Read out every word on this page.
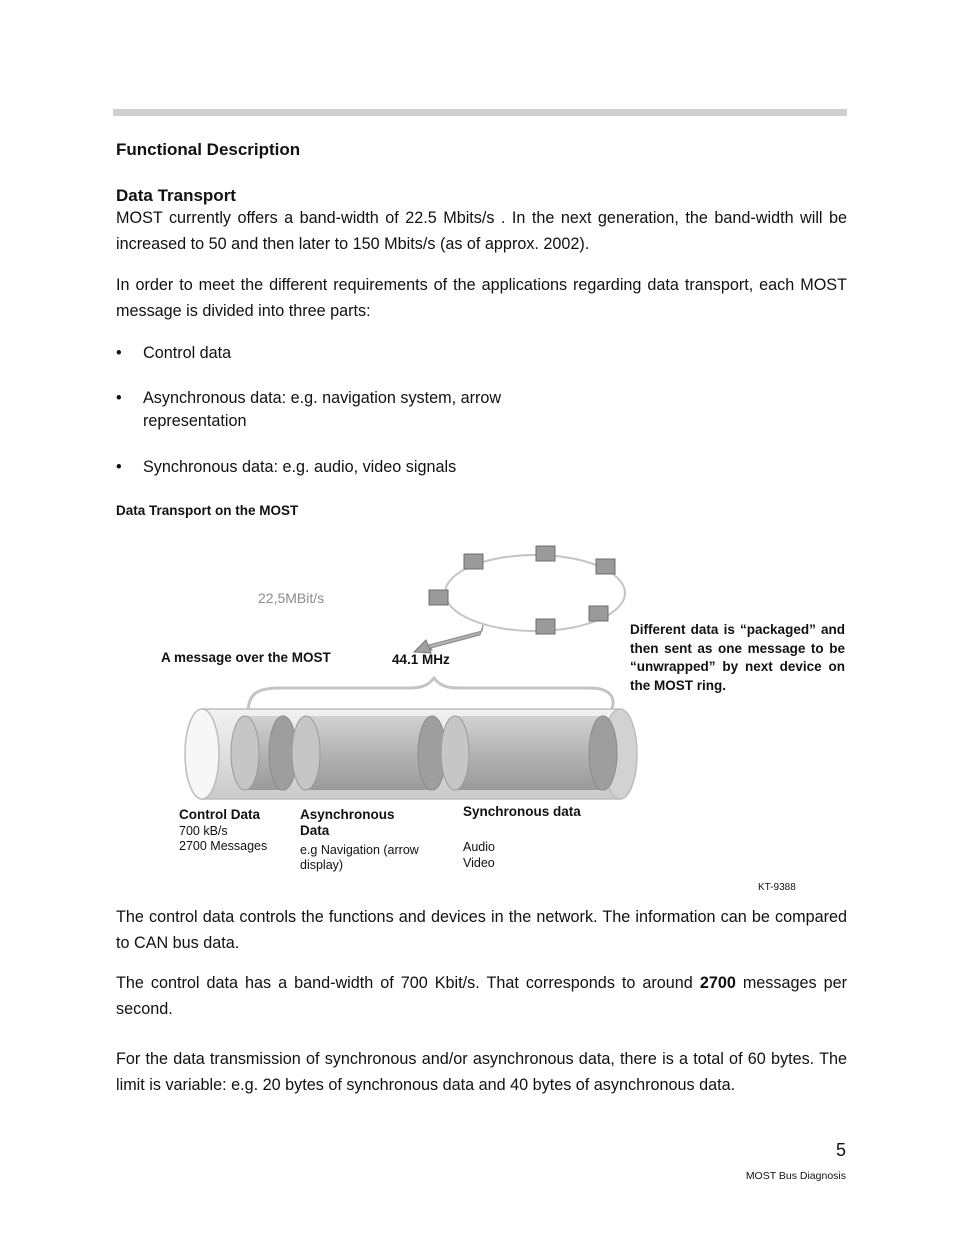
Functional Description
Data Transport

MOST currently offers a band-width of 22.5 Mbits/s . In the next generation, the band-width will be increased to 50 and then later to 150 Mbits/s (as of approx. 2002).

In order to meet the different requirements of the applications regarding data transport, each MOST message is divided into three parts:

• Control data
• Asynchronous data: e.g. navigation system, arrow representation
• Synchronous data: e.g. audio, video signals
Data Transport on the MOST
22,5MBit/s
A message over the MOST	44.1 MHz
Different data is “packaged” and then sent as one message to be “unwrapped” by next device on the MOST ring.
Control Data
700 kB/s
2700 Messages
Asynchronous Data
e.g Navigation (arrow display)
Synchronous data
Audio
Video
KT-9388

The control data controls the functions and devices in the network. The information can be compared to CAN bus data.

The control data has a band-width of 700 Kbit/s. That corresponds to around 2700 messages per second.

For the data transmission of synchronous and/or asynchronous data, there is a total of 60 bytes. The limit is variable: e.g. 20 bytes of synchronous data and 40 bytes of asynchronous data.

5
MOST Bus Diagnosis
